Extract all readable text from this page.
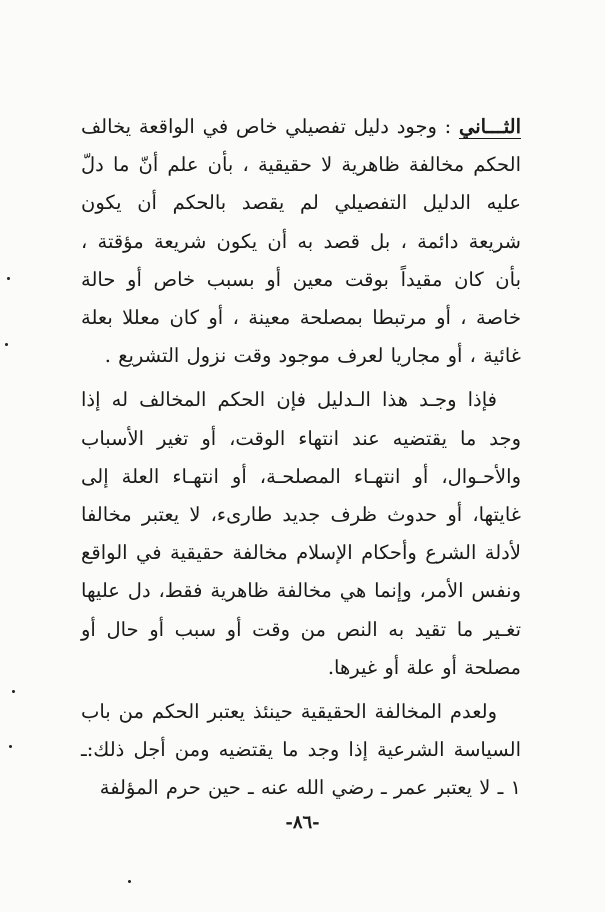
الثـــاني : وجود دليل تفصيلي خاص في الواقعة يخالف الحكم مخالفة ظاهرية لا حقيقية ، بأن علم أنّ ما دلّ عليه الدليل التفصيلي لم يقصد بالحكم أن يكون شريعة دائمة ، بل قصد به أن يكون شريعة مؤقتة ، بأن كان مقيداً بوقت معين أو بسبب خاص أو حالة خاصة ، أو مرتبطا بمصلحة معينة ، أو كان معللا بعلة غائية ، أو مجاريا لعرف موجود وقت نزول التشريع .

فإذا وجـد هذا الـدليل فإن الحكم المخالف له إذا وجد ما يقتضيه عند انتهاء الوقت، أو تغير الأسباب والأحـوال، أو انتهـاء المصلحـة، أو انتهـاء العلة إلى غايتها، أو حدوث ظرف جديد طارىء، لا يعتبر مخالفا لأدلة الشرع وأحكام الإسلام مخالفة حقيقية في الواقع ونفس الأمر، وإنما هي مخالفة ظاهرية فقط، دل عليها تغـير ما تقيد به النص من وقت أو سبب أو حال أو مصلحة أو علة أو غيرها.

ولعدم المخالفة الحقيقية حينئذ يعتبر الحكم من باب السياسة الشرعية إذا وجد ما يقتضيه ومن أجل ذلك:ـ ١ ـ لا يعتبر عمر ـ رضي الله عنه ـ حين حرم المؤلفة

-٨٦-
